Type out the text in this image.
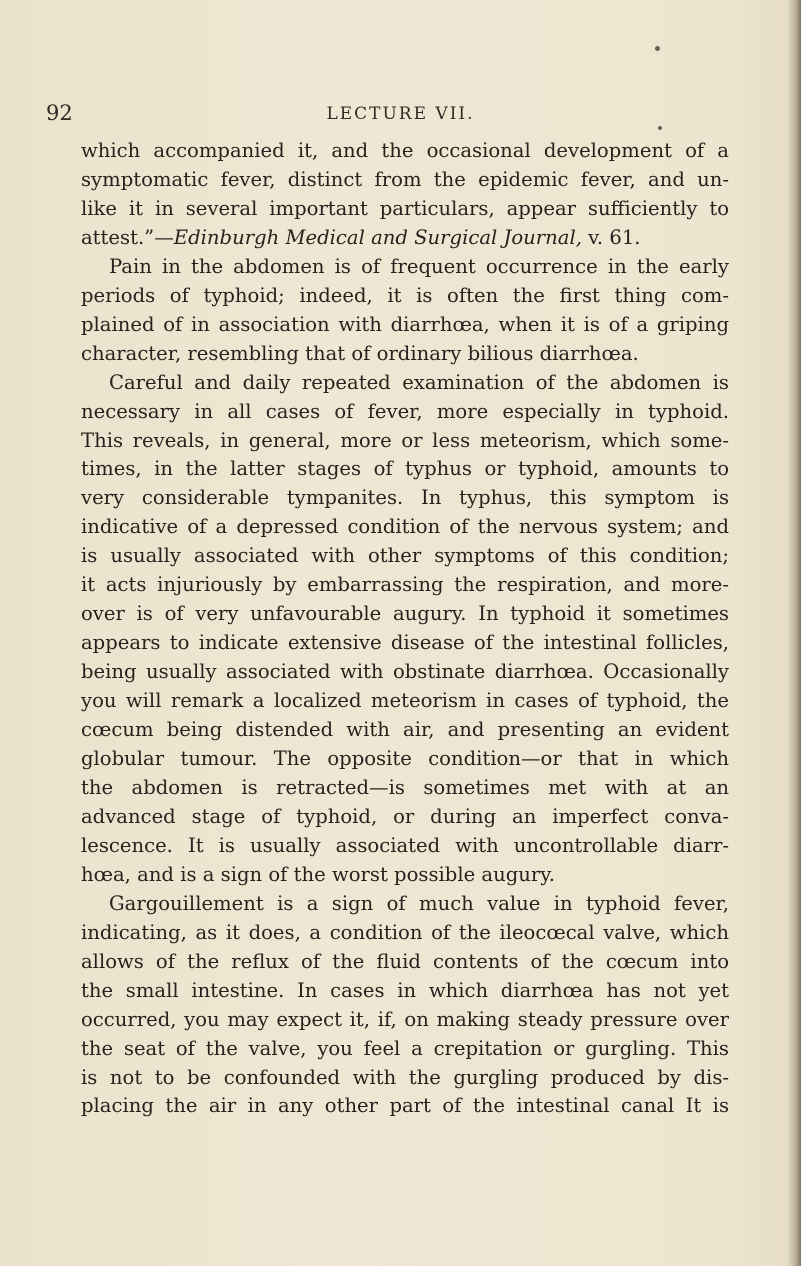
92	LECTURE VII.

which accompanied it, and the occasional development of a
symptomatic fever, distinct from the epidemic fever, and un-
like it in several important particulars, appear sufficiently to
attest.”—Edinburgh Medical and Surgical Journal, v. 61.

Pain in the abdomen is of frequent occurrence in the early
periods of typhoid; indeed, it is often the first thing com-
plained of in association with diarrhœa, when it is of a griping
character, resembling that of ordinary bilious diarrhœa.

Careful and daily repeated examination of the abdomen is
necessary in all cases of fever, more especially in typhoid.
This reveals, in general, more or less meteorism, which some-
times, in the latter stages of typhus or typhoid, amounts to
very considerable tympanites. In typhus, this symptom is
indicative of a depressed condition of the nervous system; and
is usually associated with other symptoms of this condition;
it acts injuriously by embarrassing the respiration, and more-
over is of very unfavourable augury. In typhoid it sometimes
appears to indicate extensive disease of the intestinal follicles,
being usually associated with obstinate diarrhœa. Occasionally
you will remark a localized meteorism in cases of typhoid, the
cœcum being distended with air, and presenting an evident
globular tumour. The opposite condition—or that in which
the abdomen is retracted—is sometimes met with at an
advanced stage of typhoid, or during an imperfect conva-
lescence. It is usually associated with uncontrollable diarr-
hœa, and is a sign of the worst possible augury.

Gargouillement is a sign of much value in typhoid fever,
indicating, as it does, a condition of the ileocœcal valve, which
allows of the reflux of the fluid contents of the cœcum into
the small intestine. In cases in which diarrhœa has not yet
occurred, you may expect it, if, on making steady pressure over
the seat of the valve, you feel a crepitation or gurgling. This
is not to be confounded with the gurgling produced by dis-
placing the air in any other part of the intestinal canal It is
